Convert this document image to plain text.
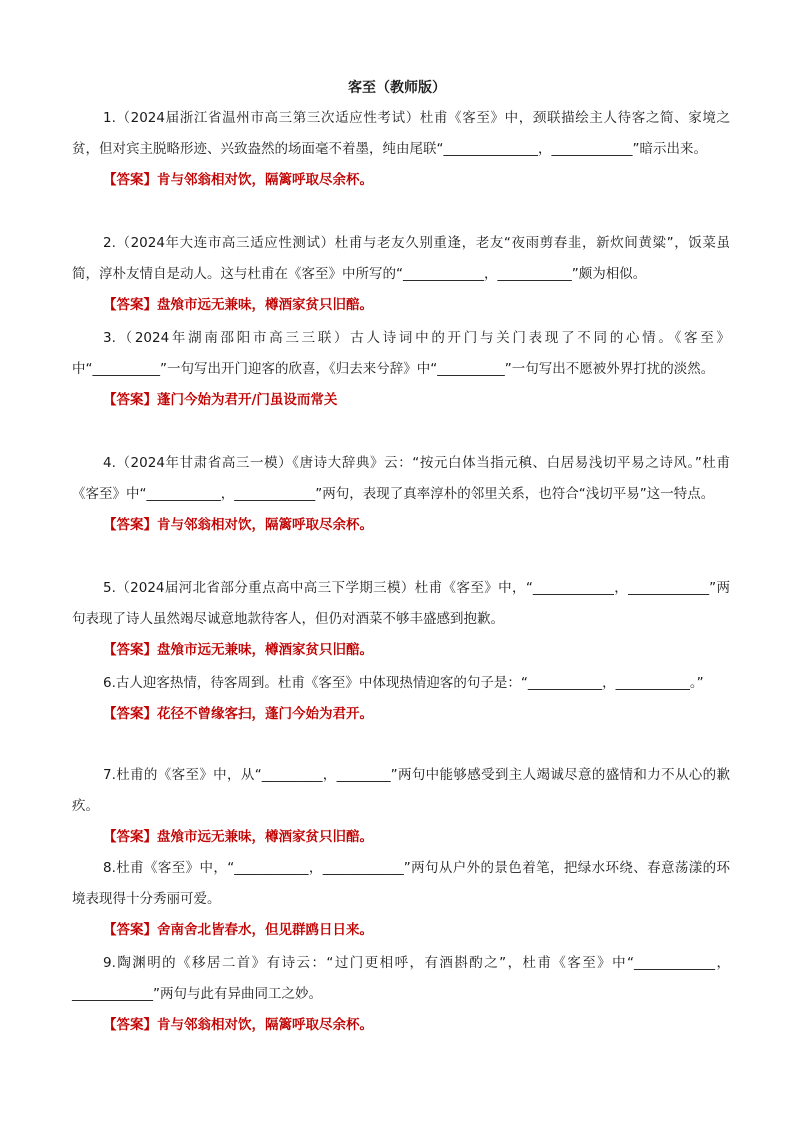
客至（教师版）

1.（2024届浙江省温州市高三第三次适应性考试）杜甫《客至》中，颈联描绘主人待客之简、家境之贫，但对宾主脱略形迹、兴致盎然的场面毫不着墨，纯由尾联“______________，____________”暗示出来。

【答案】肯与邻翁相对饮，隔篱呼取尽余杯。

2.（2024年大连市高三适应性测试）杜甫与老友久别重逢，老友“夜雨剪春韭，新炊间黄粱”，饭菜虽简，淳朴友情自是动人。这与杜甫在《客至》中所写的“____________，___________”颇为相似。

【答案】盘飧市远无兼味，樽酒家贫只旧醅。

3.（2024年湖南邵阳市高三三联）古人诗词中的开门与关门表现了不同的心情。《客至》中“__________”一句写出开门迎客的欣喜，《归去来兮辞》中“__________”一句写出不愿被外界打扰的淡然。

【答案】蓬门今始为君开/门虽设而常关

4.（2024年甘肃省高三一模）《唐诗大辞典》云：“按元白体当指元稹、白居易浅切平易之诗风。”杜甫《客至》中“___________，____________”两句，表现了真率淳朴的邻里关系，也符合“浅切平易”这一特点。

【答案】肯与邻翁相对饮，隔篱呼取尽余杯。

5.（2024届河北省部分重点高中高三下学期三模）杜甫《客至》中，“____________，____________”两句表现了诗人虽然竭尽诚意地款待客人，但仍对酒菜不够丰盛感到抱歉。

【答案】盘飧市远无兼味，樽酒家贫只旧醅。

6.古人迎客热情，待客周到。杜甫《客至》中体现热情迎客的句子是：“___________，___________。”

【答案】花径不曾缘客扫，蓬门今始为君开。

7.杜甫的《客至》中，从“_________，________”两句中能够感受到主人竭诚尽意的盛情和力不从心的歉疚。

【答案】盘飧市远无兼味，樽酒家贫只旧醅。

8.杜甫《客至》中，“___________，____________”两句从户外的景色着笔，把绿水环绕、春意荡漾的环境表现得十分秀丽可爱。

【答案】舍南舍北皆春水，但见群鸥日日来。

9.陶渊明的《移居二首》有诗云：“过门更相呼，有酒斟酌之”，杜甫《客至》中“____________，____________”两句与此有异曲同工之妙。

【答案】肯与邻翁相对饮，隔篱呼取尽余杯。
